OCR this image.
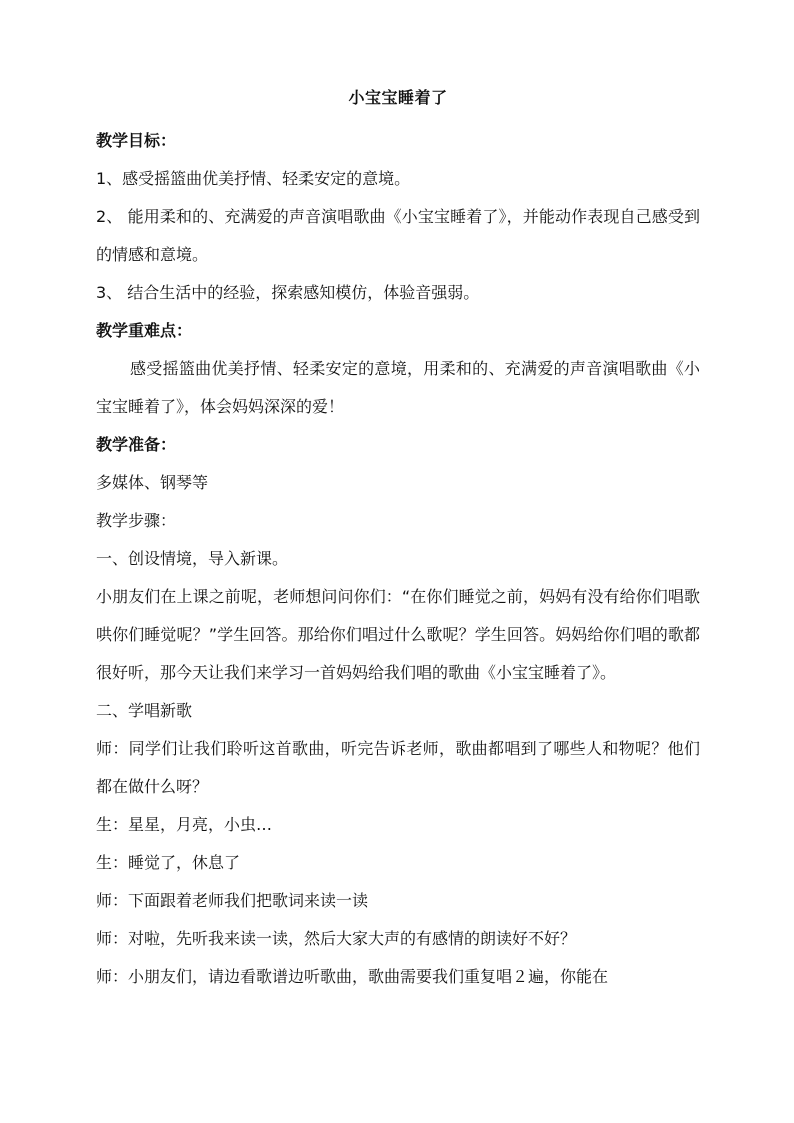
小宝宝睡着了

教学目标：

1、感受摇篮曲优美抒情、轻柔安定的意境。

2、 能用柔和的、充满爱的声音演唱歌曲《小宝宝睡着了》，并能动作表现自己感受到的情感和意境。

3、 结合生活中的经验，探索感知模仿，体验音强弱。

教学重难点：

感受摇篮曲优美抒情、轻柔安定的意境，用柔和的、充满爱的声音演唱歌曲《小宝宝睡着了》，体会妈妈深深的爱！

教学准备：

多媒体、钢琴等

教学步骤：

一、创设情境，导入新课。

小朋友们在上课之前呢，老师想问问你们：“在你们睡觉之前，妈妈有没有给你们唱歌哄你们睡觉呢？”学生回答。那给你们唱过什么歌呢？学生回答。妈妈给你们唱的歌都很好听，那今天让我们来学习一首妈妈给我们唱的歌曲《小宝宝睡着了》。

二、学唱新歌

师：同学们让我们聆听这首歌曲，听完告诉老师，歌曲都唱到了哪些人和物呢？他们都在做什么呀？

生：星星，月亮，小虫…

生：睡觉了，休息了

师：下面跟着老师我们把歌词来读一读

师：对啦，先听我来读一读，然后大家大声的有感情的朗读好不好？

师：小朋友们，请边看歌谱边听歌曲，歌曲需要我们重复唱２遍，你能在
